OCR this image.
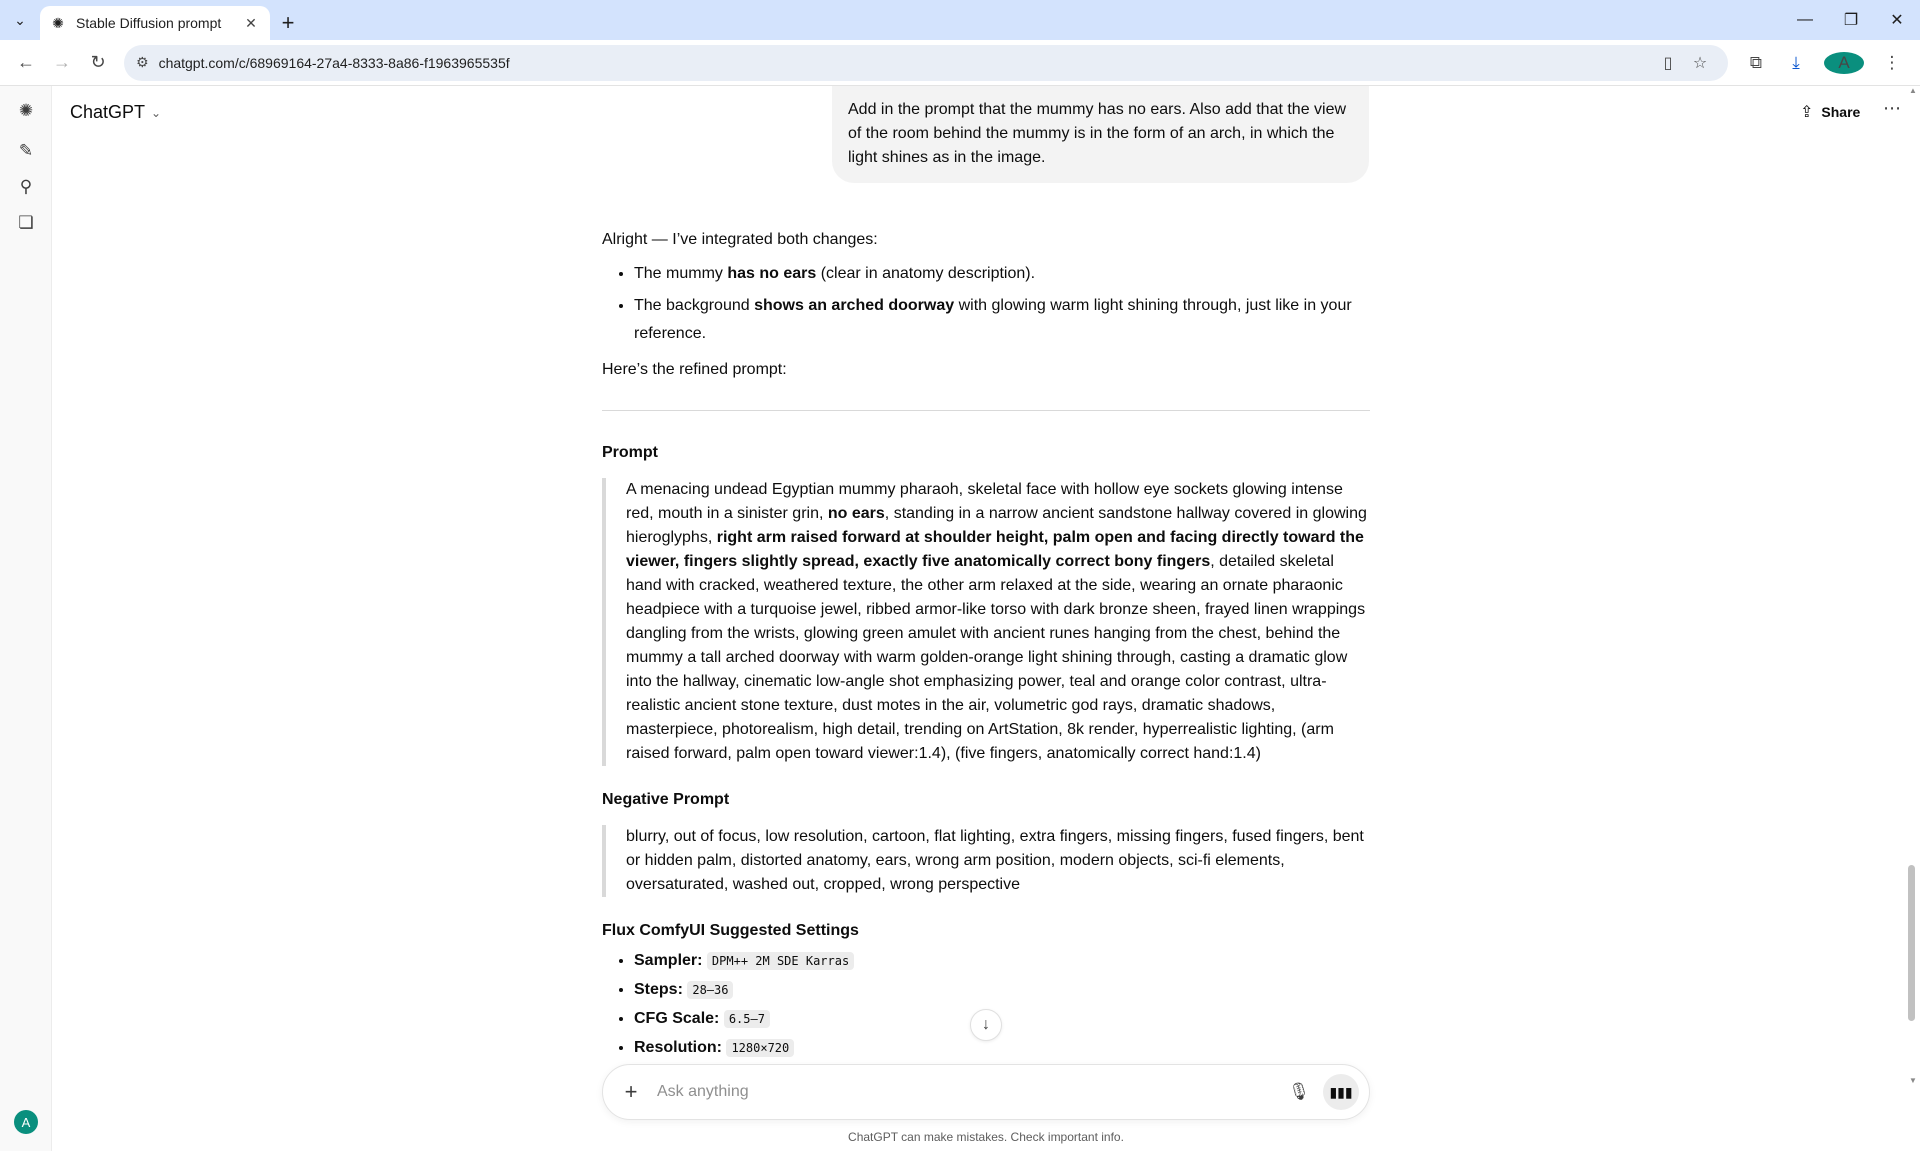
⌄	✺ Stable Diffusion prompt	✕	+	—	❐	✕
←	→	↻	⚙ chatgpt.com/c/68969164-27a4-8333-8a86-f1963965535f	▯	☆	⧉	⤓	A	⋮
✺
✎
⚲
❏
A
ChatGPT ⌄	⇪ Share ⋯
▲
▼
Add in the prompt that the mummy has no ears. Also add that the view of the room behind the mummy is in the form of an arch, in which the light shines as in the image.

Alright — I’ve integrated both changes:

• The mummy has no ears (clear in anatomy description).
• The background shows an arched doorway with glowing warm light shining through, just like in your reference.

Here’s the refined prompt:

Prompt
A menacing undead Egyptian mummy pharaoh, skeletal face with hollow eye sockets glowing intense red, mouth in a sinister grin, no ears, standing in a narrow ancient sandstone hallway covered in glowing hieroglyphs, right arm raised forward at shoulder height, palm open and facing directly toward the viewer, fingers slightly spread, exactly five anatomically correct bony fingers, detailed skeletal hand with cracked, weathered texture, the other arm relaxed at the side, wearing an ornate pharaonic headpiece with a turquoise jewel, ribbed armor-like torso with dark bronze sheen, frayed linen wrappings dangling from the wrists, glowing green amulet with ancient runes hanging from the chest, behind the mummy a tall arched doorway with warm golden-orange light shining through, casting a dramatic glow into the hallway, cinematic low-angle shot emphasizing power, teal and orange color contrast, ultra-realistic ancient stone texture, dust motes in the air, volumetric god rays, dramatic shadows, masterpiece, photorealism, high detail, trending on ArtStation, 8k render, hyperrealistic lighting, (arm raised forward, palm open toward viewer:1.4), (five fingers, anatomically correct hand:1.4)
Negative Prompt
blurry, out of focus, low resolution, cartoon, flat lighting, extra fingers, missing fingers, fused fingers, bent or hidden palm, distorted anatomy, ears, wrong arm position, modern objects, sci-fi elements, oversaturated, washed out, cropped, wrong perspective
Flux ComfyUI Suggested Settings
• Sampler: DPM++ 2M SDE Karras
• Steps: 28–36
• CFG Scale: 6.5–7
• Resolution: 1280×720
↓
+
Ask anything	🎙	▮▮▮
ChatGPT can make mistakes. Check important info.
